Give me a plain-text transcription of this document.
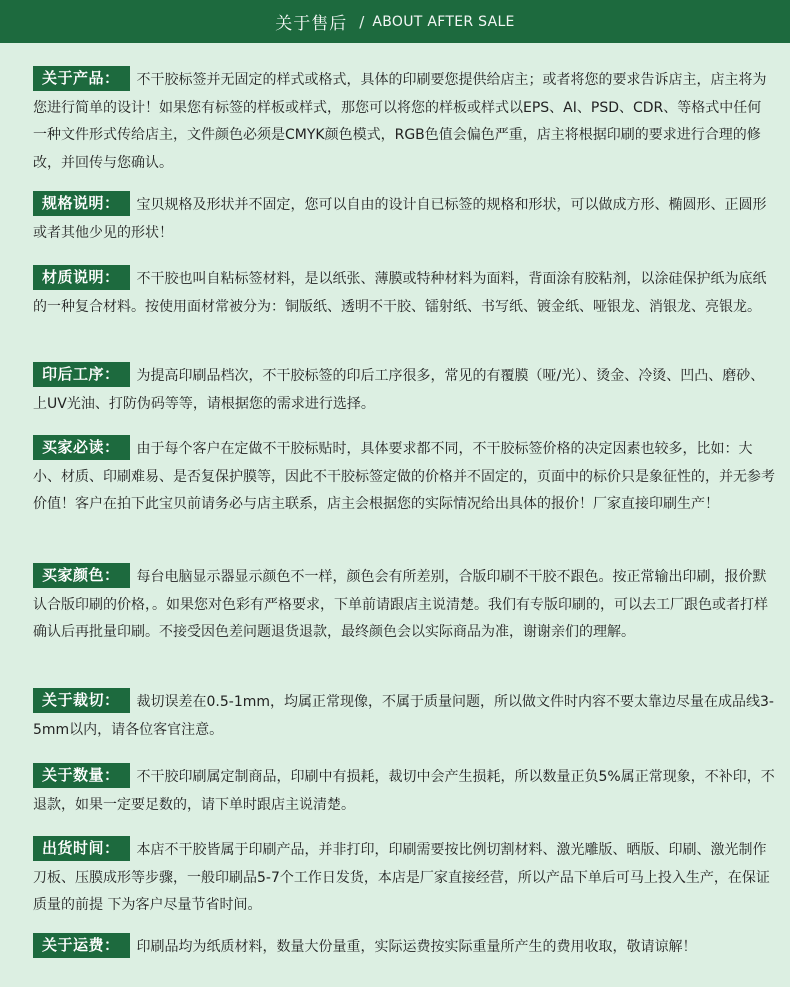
关于售后 / ABOUT AFTER SALE
关于产品： 不干胶标签并无固定的样式或格式，具体的印刷要您提供给店主；或者将您的要求告诉店主，店主将为您进行简单的设计！如果您有标签的样板或样式，那您可以将您的样板或样式以EPS、AI、PSD、CDR、等格式中任何一种文件形式传给店主，文件颜色必须是CMYK颜色模式，RGB色值会偏色严重，店主将根据印刷的要求进行合理的修改，并回传与您确认。
规格说明： 宝贝规格及形状并不固定，您可以自由的设计自已标签的规格和形状，可以做成方形、椭圆形、正圆形或者其他少见的形状！
材质说明： 不干胶也叫自粘标签材料，是以纸张、薄膜或特种材料为面料，背面涂有胶粘剂，以涂硅保护纸为底纸的一种复合材料。按使用面材常被分为：铜版纸、透明不干胶、镭射纸、书写纸、镀金纸、哑银龙、消银龙、亮银龙。
印后工序： 为提高印刷品档次，不干胶标签的印后工序很多，常见的有覆膜（哑/光）、烫金、冷烫、凹凸、磨砂、上UV光油、打防伪码等等，请根据您的需求进行选择。
买家必读： 由于每个客户在定做不干胶标贴时，具体要求都不同，不干胶标签价格的决定因素也较多，比如：大小、材质、印刷难易、是否复保护膜等，因此不干胶标签定做的价格并不固定的，页面中的标价只是象征性的，并无参考价值！客户在拍下此宝贝前请务必与店主联系，店主会根据您的实际情况给出具体的报价！厂家直接印刷生产！
买家颜色： 每台电脑显示器显示颜色不一样，颜色会有所差别，合版印刷不干胶不跟色。按正常输出印刷，报价默认合版印刷的价格，。如果您对色彩有严格要求，下单前请跟店主说清楚。我们有专版印刷的，可以去工厂跟色或者打样确认后再批量印刷。不接受因色差问题退货退款，最终颜色会以实际商品为准，谢谢亲们的理解。
关于裁切： 裁切误差在0.5-1mm，均属正常现像，不属于质量问题，所以做文件时内容不要太靠边尽量在成品线3-5mm以内，请各位客官注意。
关于数量： 不干胶印刷属定制商品，印刷中有损耗，裁切中会产生损耗，所以数量正负5%属正常现象，不补印，不退款，如果一定要足数的，请下单时跟店主说清楚。
出货时间： 本店不干胶皆属于印刷产品，并非打印，印刷需要按比例切割材料、激光雕版、晒版、印刷、激光制作刀板、压膜成形等步骤，一般印刷品5-7个工作日发货，本店是厂家直接经营，所以产品下单后可马上投入生产，在保证质量的前提 下为客户尽量节省时间。
关于运费： 印刷品均为纸质材料，数量大份量重，实际运费按实际重量所产生的费用收取，敬请谅解！
